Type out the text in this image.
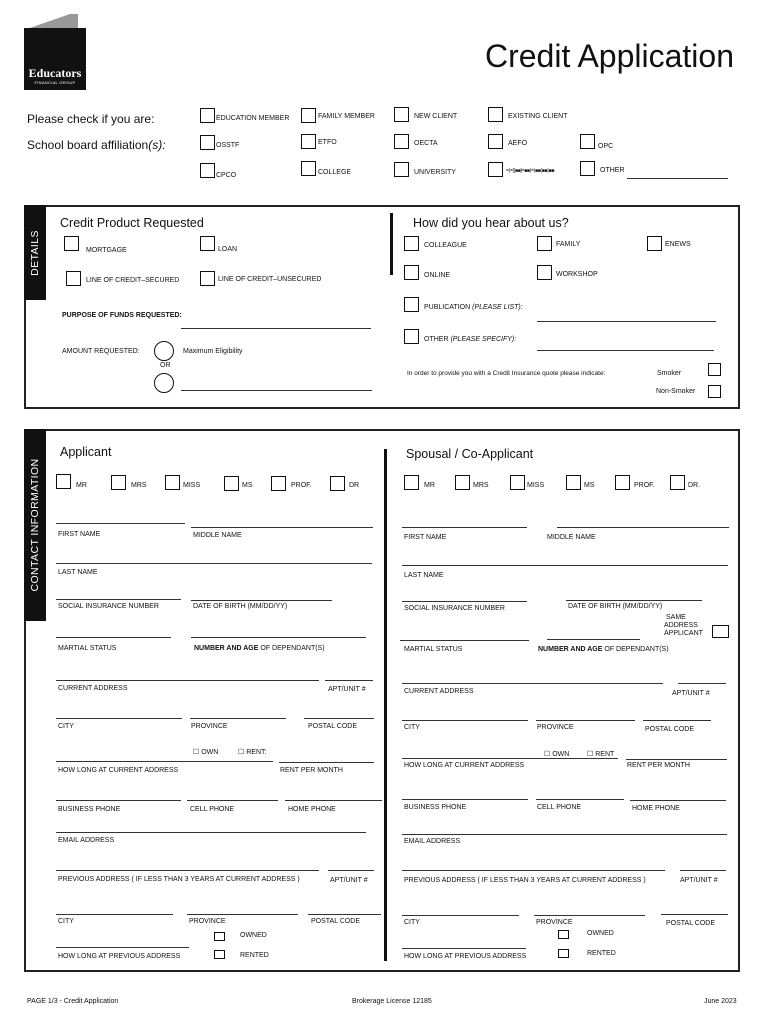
Educators
FINANCIAL GROUP
Credit Application
Please check if you are:	EDUCATION MEMBER	FAMILY MEMBER	NEW CLIENT	EXISTING CLIENT
School board affiliation(s):	OSSTF	ETFO	OECTA	AEFO	OPC
CPCO	COLLEGE	UNIVERSITY	=(=)[■■]=■■(=)■■(■■)■■	OTHER
DETAILS
Credit Product Requested
MORTGAGE	LOAN
LINE OF CREDIT–SECURED	LINE OF CREDIT–UNSECURED
PURPOSE OF FUNDS REQUESTED:
AMOUNT REQUESTED:	Maximum Eligibility
OR
How did you hear about us?
COLLEAGUE	FAMILY	ENEWS
ONLINE	WORKSHOP
PUBLICATION (PLEASE LIST):
OTHER (PLEASE SPECIFY):
In order to provide you with a Credit Insurance quote please indicate:	Smoker
Non-Smoker
CONTACT INFORMATION
Applicant
MR	MRS	MISS	MS	PROF.	DR
FIRST NAME	MIDDLE NAME
LAST NAME
SOCIAL INSURANCE NUMBER	DATE OF BIRTH (MM/DD/YY)
MARTIAL STATUS	NUMBER AND AGE OF DEPENDANT(S)
CURRENT ADDRESS	APT/UNIT #
CITY	PROVINCE	POSTAL CODE
☐ OWN	☐ RENT:
HOW LONG AT CURRENT ADDRESS	RENT PER MONTH
BUSINESS PHONE	CELL PHONE	HOME PHONE
EMAIL ADDRESS
PREVIOUS ADDRESS ( IF LESS THAN 3 YEARS AT CURRENT ADDRESS )	APT/UNIT #
CITY	PROVINCE	POSTAL CODE
OWNED
RENTED
HOW LONG AT PREVIOUS ADDRESS
Spousal / Co-Applicant
MR	MRS	MISS	MS	PROF.	DR.
FIRST NAME	MIDDLE NAME
LAST NAME
SOCIAL INSURANCE NUMBER	DATE OF BIRTH (MM/DD/YY)
SAME
ADDRESS
APPLICANT
MARTIAL STATUS	NUMBER AND AGE OF DEPENDANT(S)
CURRENT ADDRESS	APT/UNIT #
CITY	PROVINCE	POSTAL CODE
☐ OWN	☐ RENT
HOW LONG AT CURRENT ADDRESS	RENT PER MONTH
BUSINESS PHONE	CELL PHONE	HOME PHONE
EMAIL ADDRESS
PREVIOUS ADDRESS ( IF LESS THAN 3 YEARS AT CURRENT ADDRESS )	APT/UNIT #
CITY	PROVINCE	POSTAL CODE
OWNED
RENTED
HOW LONG AT PREVIOUS ADDRESS
PAGE 1/3 - Credit Application	Brokerage License 12185	June 2023
